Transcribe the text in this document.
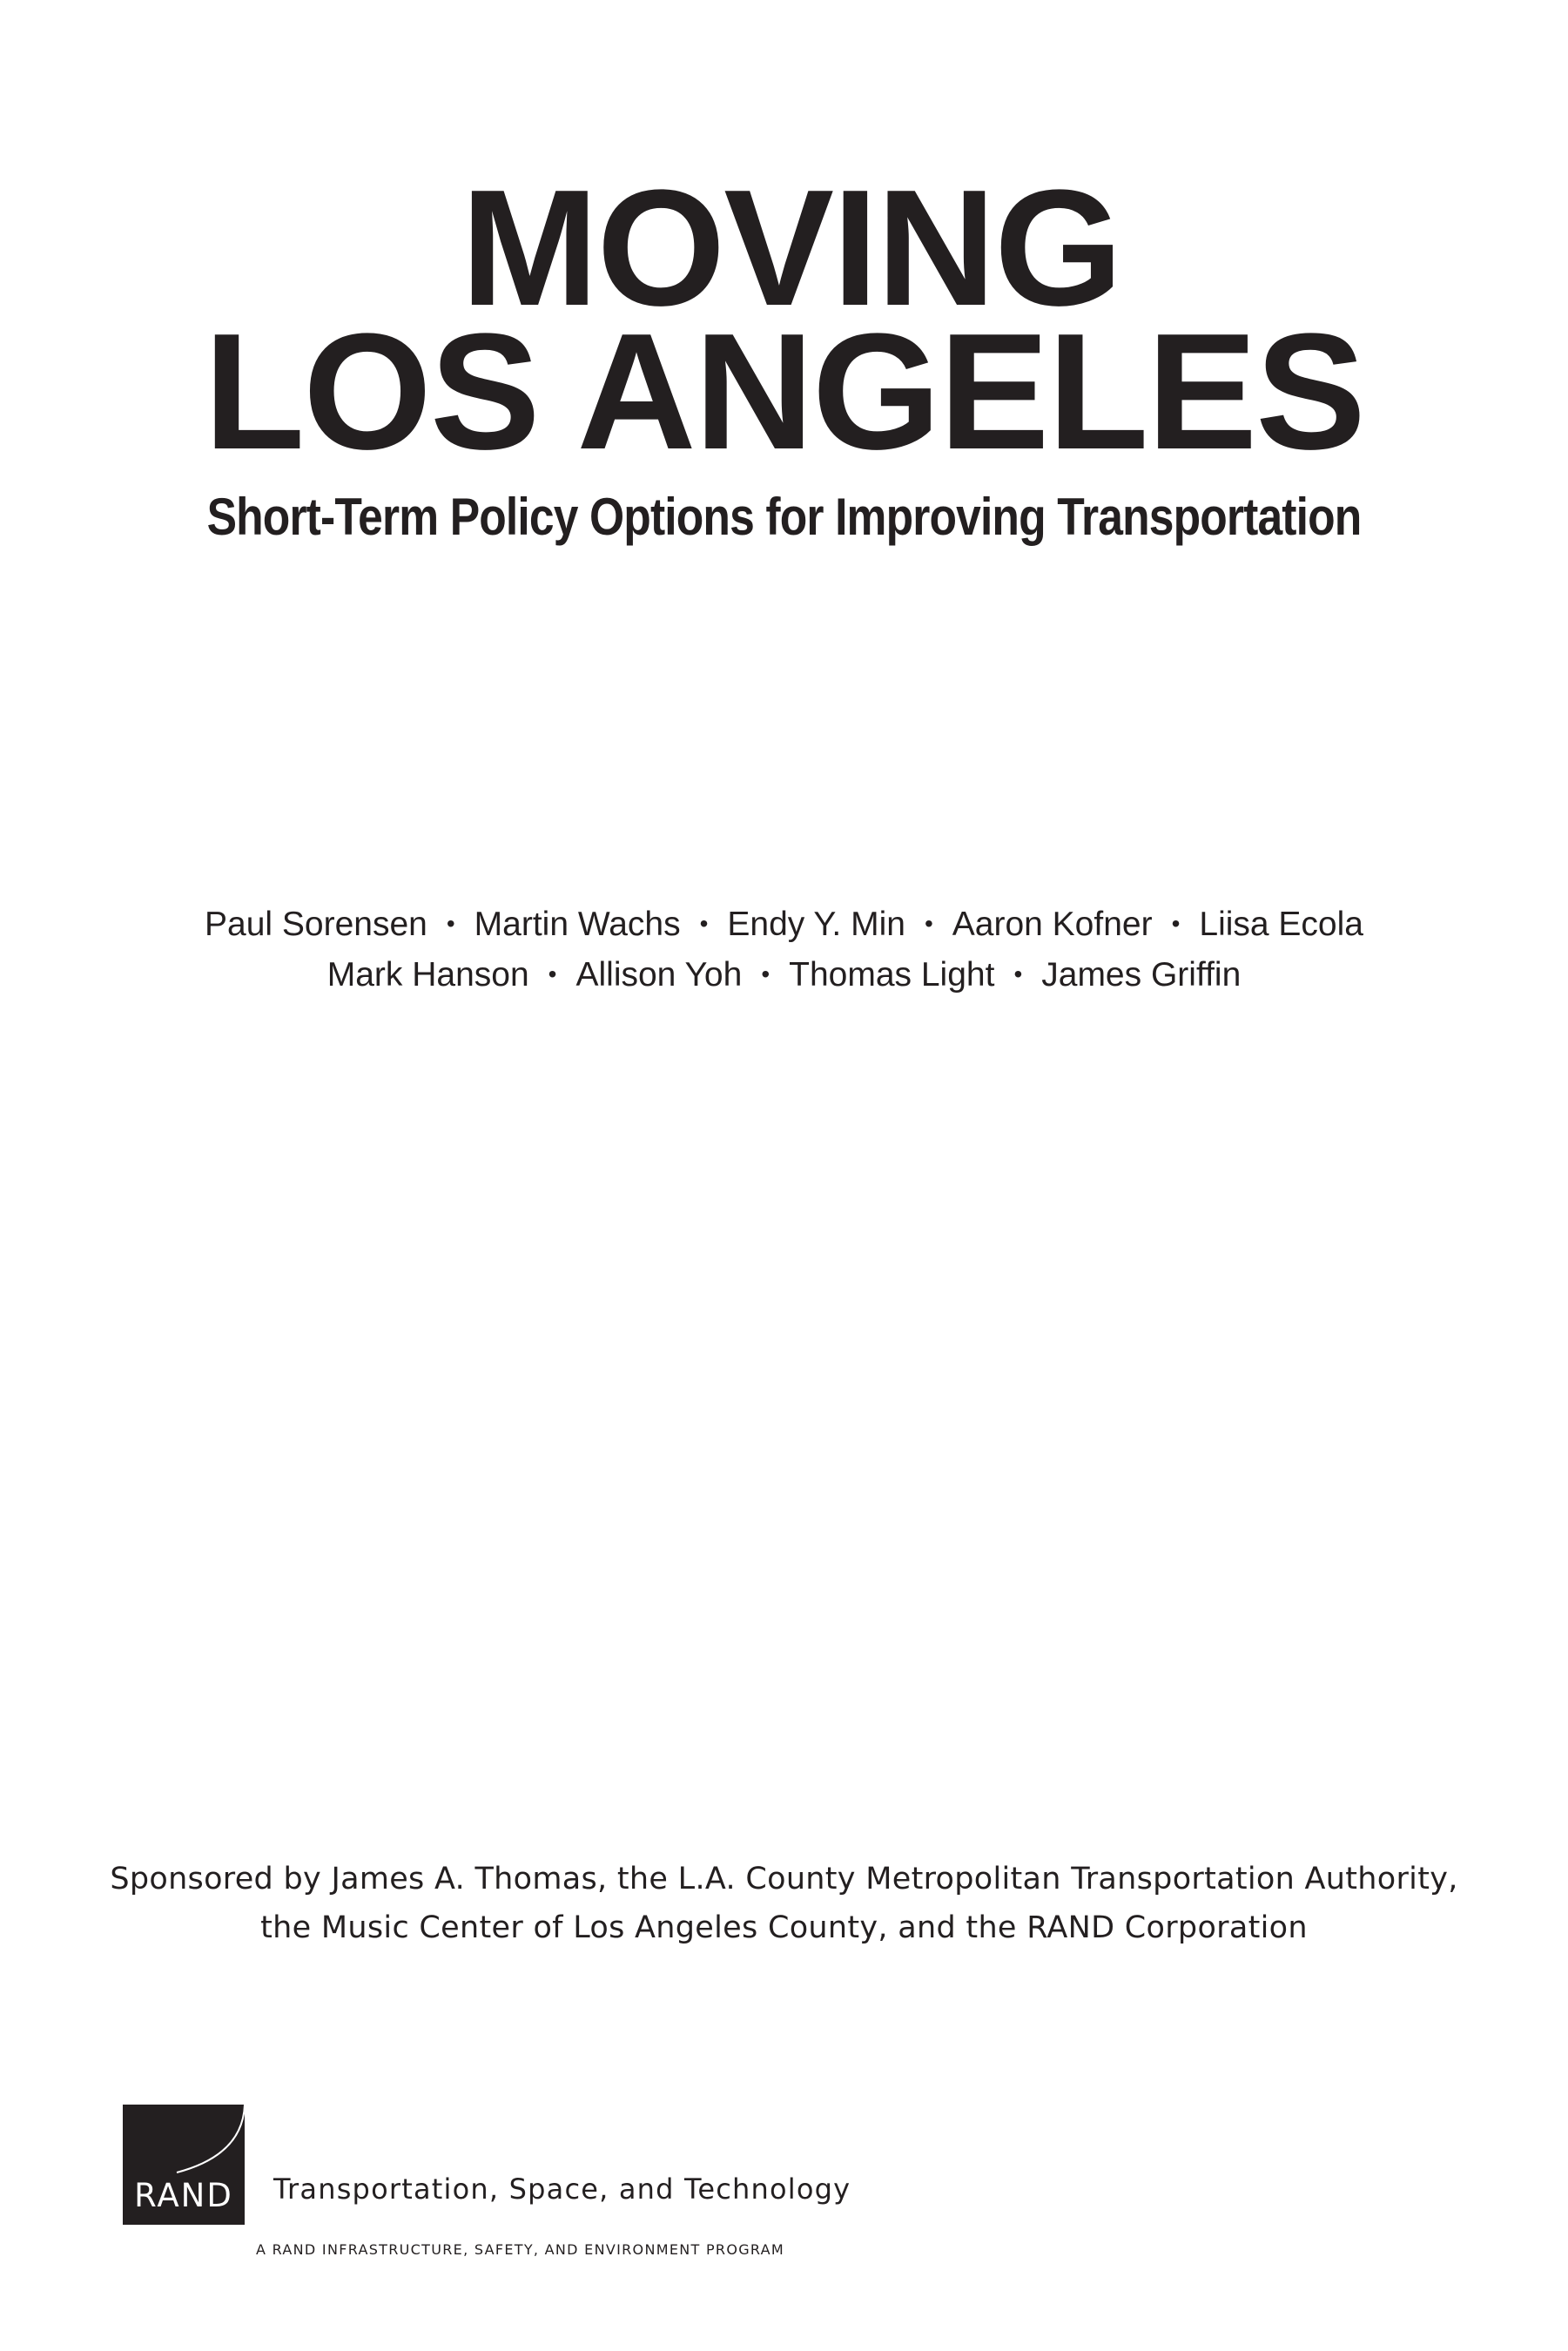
MOVING
LOS ANGELES
Short-Term Policy Options for Improving Transportation
Paul Sorensen • Martin Wachs • Endy Y. Min • Aaron Kofner • Liisa Ecola
Mark Hanson • Allison Yoh • Thomas Light • James Griffin
Sponsored by James A. Thomas, the L.A. County Metropolitan Transportation Authority,
the Music Center of Los Angeles County, and the RAND Corporation
RAND	Transportation, Space, and Technology
A RAND INFRASTRUCTURE, SAFETY, AND ENVIRONMENT PROGRAM
